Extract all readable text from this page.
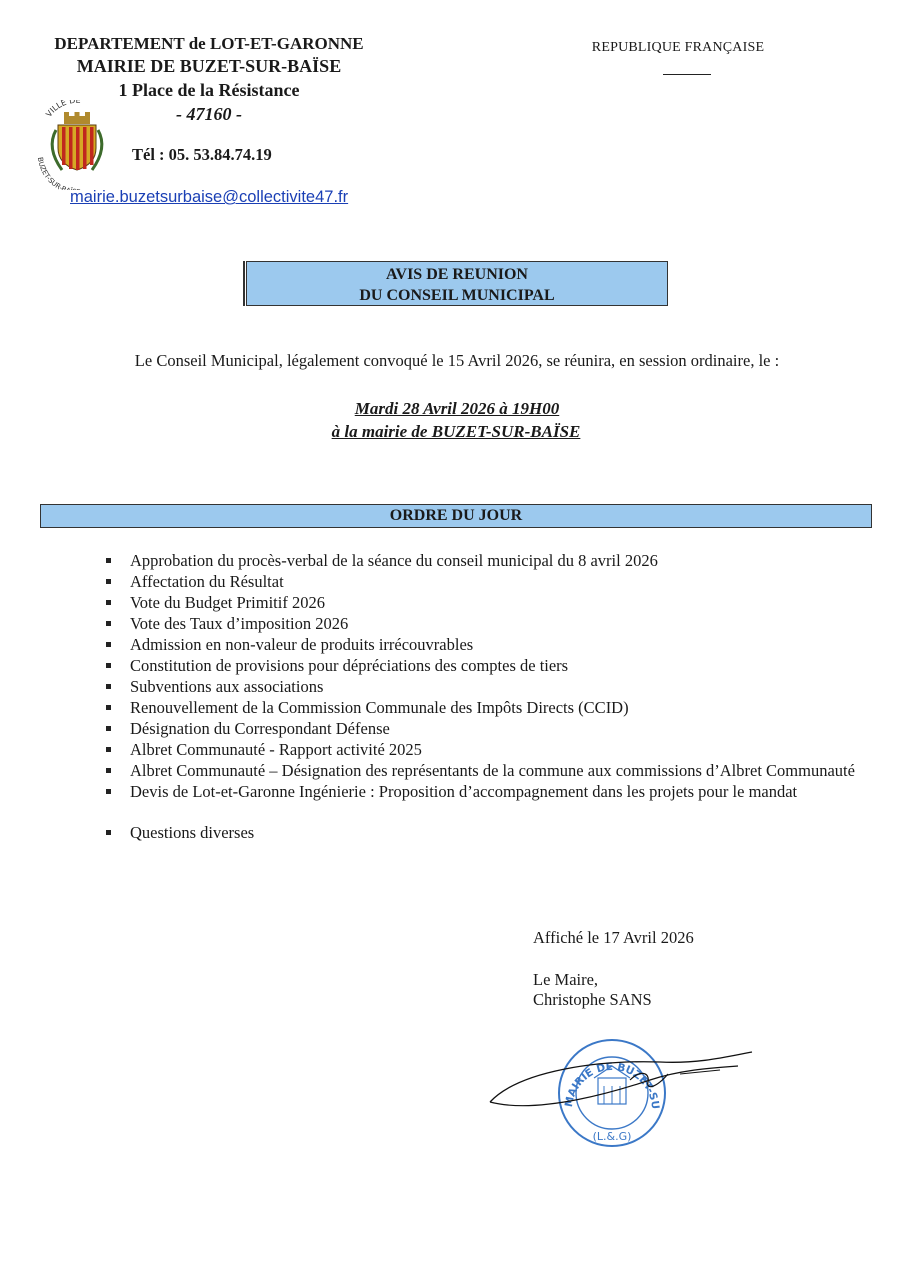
DEPARTEMENT de LOT-ET-GARONNE
MAIRIE DE BUZET-SUR-BAÏSE
1 Place de la Résistance
- 47160 -
VILLE DE
BUZET-SUR-B
Tél : 05. 53.84.74.19
mairie.buzetsurbaise@collectivite47.fr
REPUBLIQUE FRANÇAISE
AVIS DE REUNION
DU CONSEIL MUNICIPAL
Le Conseil Municipal, légalement convoqué le 15 Avril 2026, se réunira, en session ordinaire, le :
Mardi 28 Avril 2026 à 19H00
à la mairie de BUZET-SUR-BAÏSE
ORDRE DU JOUR
Approbation du procès-verbal de la séance du conseil municipal du 8 avril 2026
Affectation du Résultat
Vote du Budget Primitif 2026
Vote des Taux d’imposition 2026
Admission en non-valeur de produits irrécouvrables
Constitution de provisions pour dépréciations des comptes de tiers
Subventions aux associations
Renouvellement de la Commission Communale des Impôts Directs (CCID)
Désignation du Correspondant Défense
Albret Communauté - Rapport activité 2025
Albret Communauté – Désignation des représentants de la commune aux commissions d’Albret Communauté
Devis de Lot-et-Garonne Ingénierie : Proposition d’accompagnement dans les projets pour le mandat
Questions diverses
Affiché le 17 Avril 2026
Le Maire,
Christophe SANS
MAIRIE DE BUZET-SU
(L.&.G)
